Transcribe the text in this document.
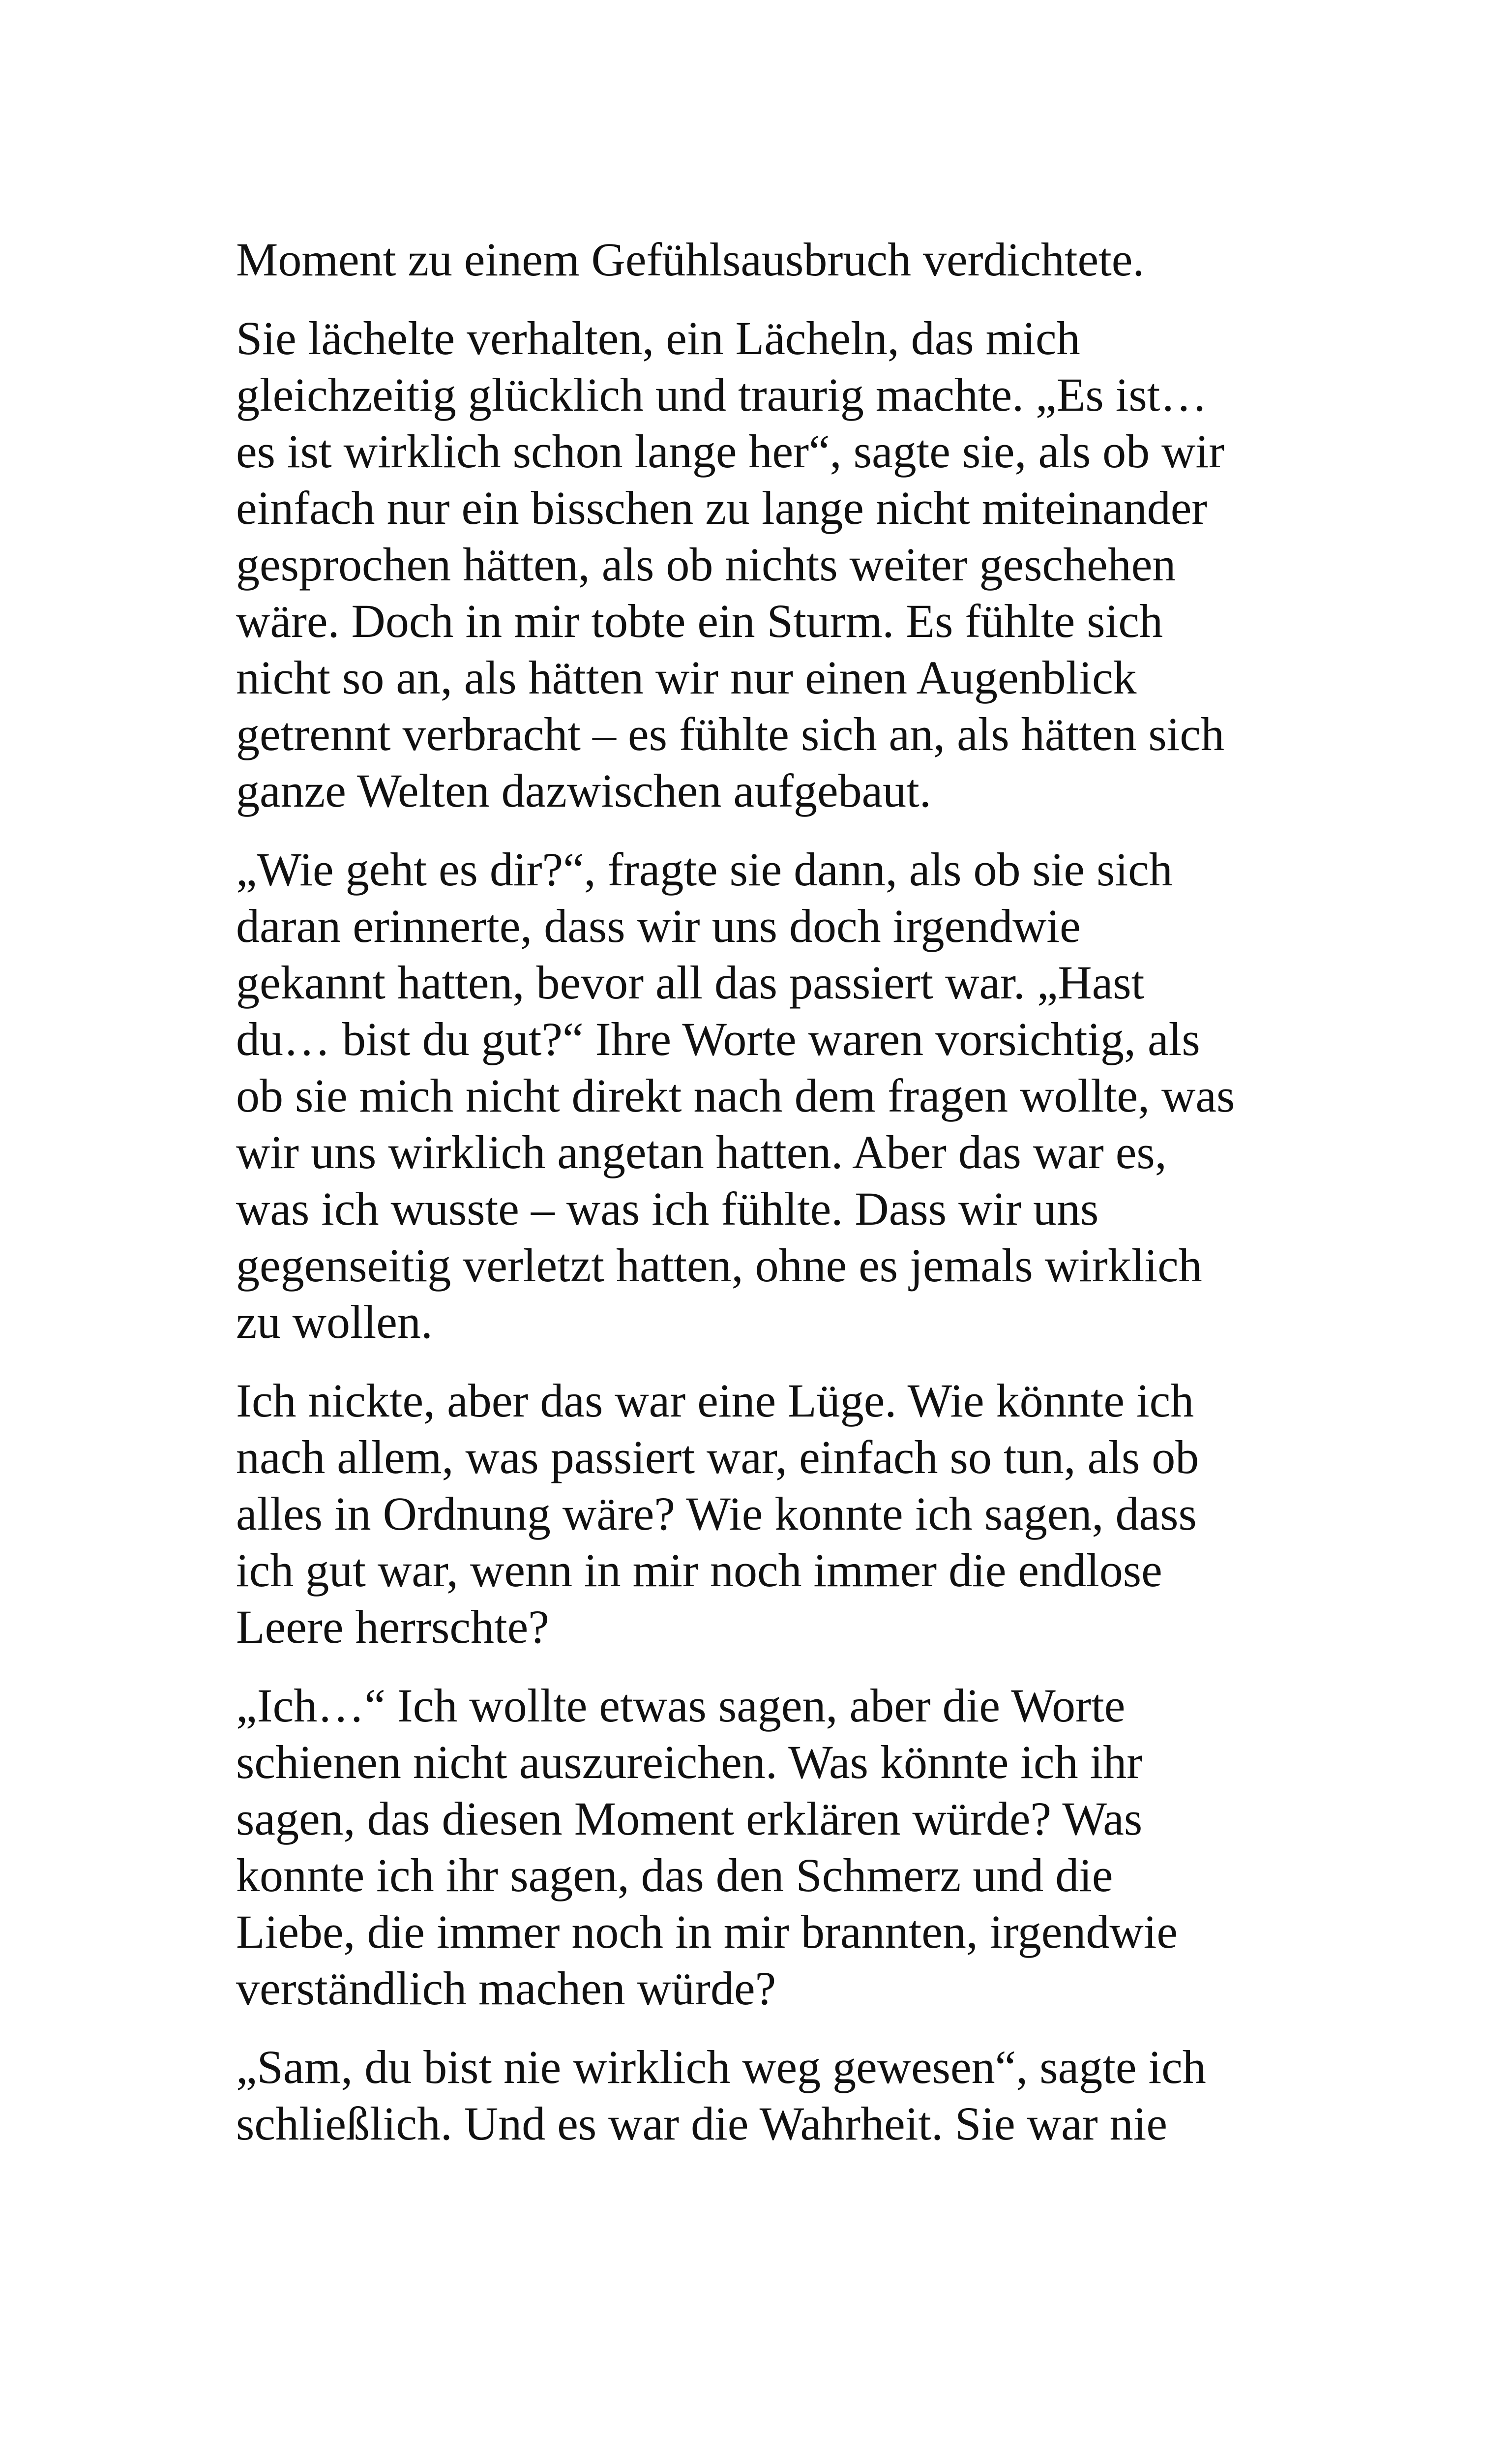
Moment zu einem Gefühlsausbruch verdichtete.

Sie lächelte verhalten, ein Lächeln, das mich
gleichzeitig glücklich und traurig machte. „Es ist…
es ist wirklich schon lange her“, sagte sie, als ob wir
einfach nur ein bisschen zu lange nicht miteinander
gesprochen hätten, als ob nichts weiter geschehen
wäre. Doch in mir tobte ein Sturm. Es fühlte sich
nicht so an, als hätten wir nur einen Augenblick
getrennt verbracht – es fühlte sich an, als hätten sich
ganze Welten dazwischen aufgebaut.

„Wie geht es dir?“, fragte sie dann, als ob sie sich
daran erinnerte, dass wir uns doch irgendwie
gekannt hatten, bevor all das passiert war. „Hast
du… bist du gut?“ Ihre Worte waren vorsichtig, als
ob sie mich nicht direkt nach dem fragen wollte, was
wir uns wirklich angetan hatten. Aber das war es,
was ich wusste – was ich fühlte. Dass wir uns
gegenseitig verletzt hatten, ohne es jemals wirklich
zu wollen.

Ich nickte, aber das war eine Lüge. Wie könnte ich
nach allem, was passiert war, einfach so tun, als ob
alles in Ordnung wäre? Wie konnte ich sagen, dass
ich gut war, wenn in mir noch immer die endlose
Leere herrschte?

„Ich…“ Ich wollte etwas sagen, aber die Worte
schienen nicht auszureichen. Was könnte ich ihr
sagen, das diesen Moment erklären würde? Was
konnte ich ihr sagen, das den Schmerz und die
Liebe, die immer noch in mir brannten, irgendwie
verständlich machen würde?

„Sam, du bist nie wirklich weg gewesen“, sagte ich
schließlich. Und es war die Wahrheit. Sie war nie
